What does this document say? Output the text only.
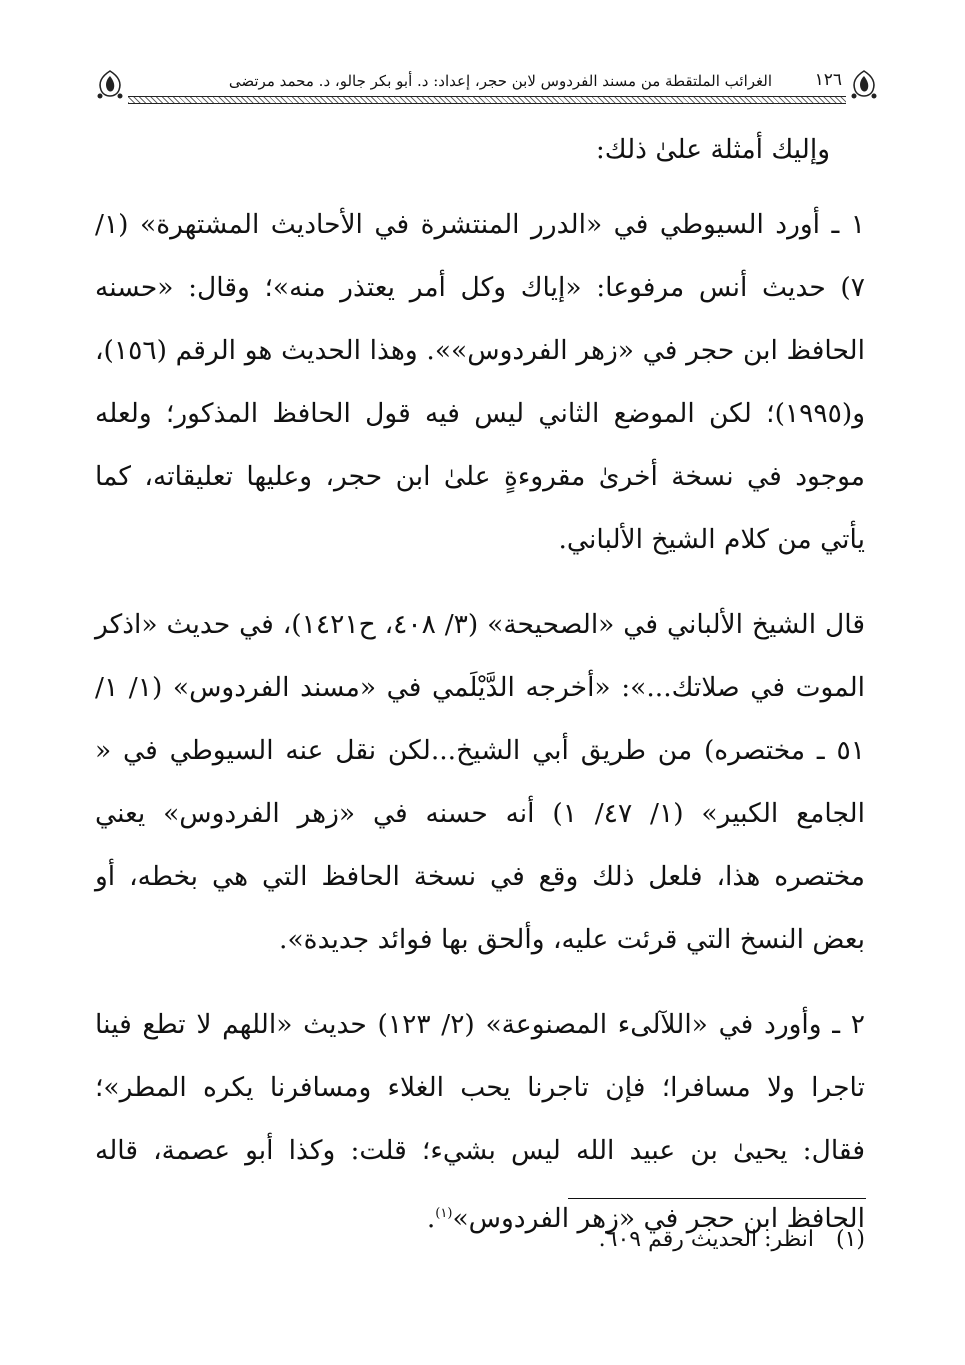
١٢٦
الغرائب الملتقطة من مسند الفردوس لابن حجر، إعداد: د. أبو بكر جالو، د. محمد مرتضى

وإليك أمثلة علىٰ ذلك:

١ ـ أورد السيوطي في «الدرر المنتشرة في الأحاديث المشتهرة» (١/ ٧) حديث أنس مرفوعا: «إياك وكل أمر يعتذر منه»؛ وقال: «حسنه الحافظ ابن حجر في «زهر الفردوس»». وهذا الحديث هو الرقم (١٥٦)، و(١٩٩٥)؛ لكن الموضع الثاني ليس فيه قول الحافظ المذكور؛ ولعله موجود في نسخة أخرىٰ مقروءةٍ علىٰ ابن حجر، وعليها تعليقاته، كما يأتي من كلام الشيخ الألباني.

قال الشيخ الألباني في «الصحيحة» (٣/ ٤٠٨، ح١٤٢١)، في حديث «اذكر الموت في صلاتك...»: «أخرجه الدَّيْلَمي في «مسند الفردوس» (١/ ١/ ٥١ ـ مختصره) من طريق أبي الشيخ...لكن نقل عنه السيوطي في « الجامع الكبير» (١/ ٤٧/ ١) أنه حسنه في «زهر الفردوس» يعني مختصره هذا، فلعل ذلك وقع في نسخة الحافظ التي هي بخطه، أو بعض النسخ التي قرئت عليه، وألحق بها فوائد جديدة».

٢ ـ وأورد في «اللآلىء المصنوعة» (٢/ ١٢٣) حديث «اللهم لا تطع فينا تاجرا ولا مسافرا؛ فإن تاجرنا يحب الغلاء ومسافرنا يكره المطر»؛ فقال: يحيىٰ بن عبيد الله ليس بشيء؛ قلت: وكذا أبو عصمة، قاله الحافظ ابن حجر في «زهر الفردوس»$^{(١)}$.

(١)انظر: الحديث رقم ٦٠٩.
